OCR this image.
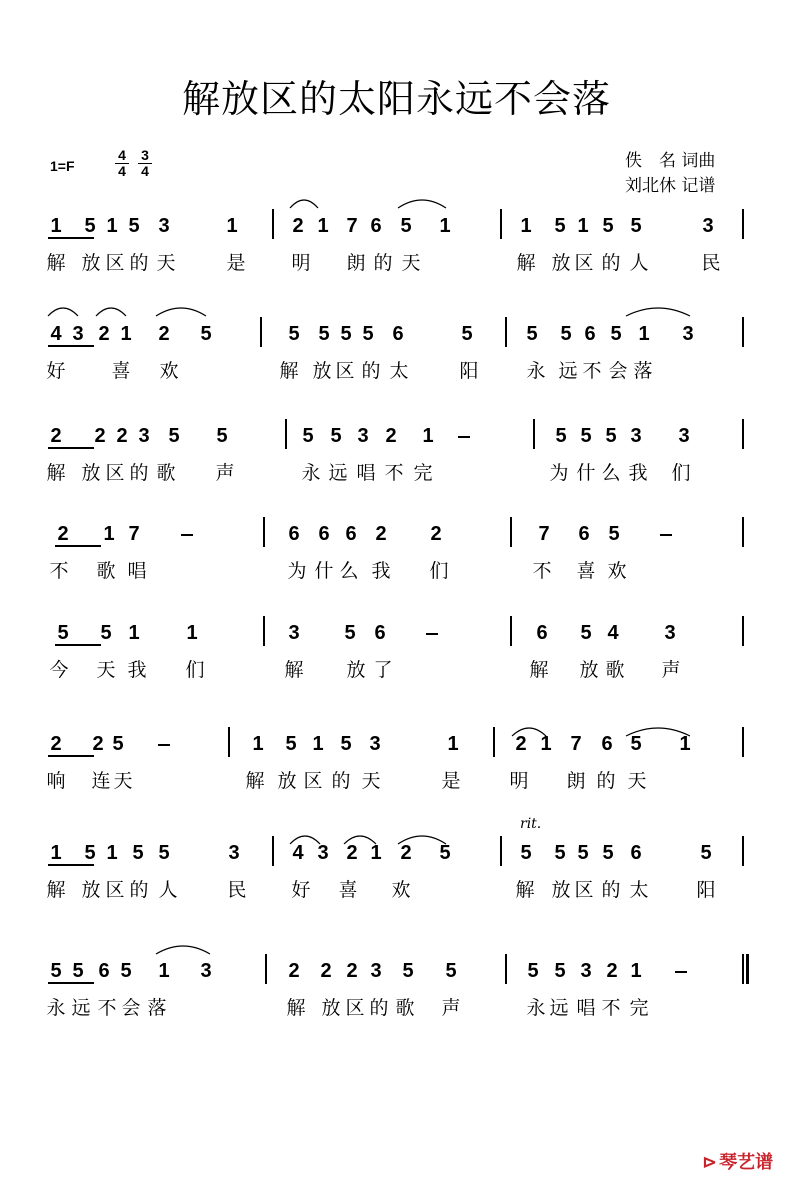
解放区的太阳永远不会落
1=F	$\frac{4}{4} \frac{3}{4}$	佚　名 词曲
刘北休 记谱
1 5 1 5 3	1	2 1 7 6 5 1	1 5 1 5 5	3
解 放 区 的 天	是 明 朗 的 天	解 放 区 的 人	民
4 3 2 1 2 5	5 5 5 5 6	5	5 5 6 5 1 3
好 喜 欢	解 放 区 的 太	阳	永 远 不 会 落
2 2 2 3 5 5	5 5 3 2 1	5 5 5 3 3
解 放 区 的 歌 声	永 远 唱 不 完	为 什 么 我 们
2 1 7	6 6 6 2 2	7 6 5
不 歌 唱	为 什 么 我 们	不 喜 欢
5 5 1 1	3 5 6	6 5 4 3
今 天 我 们	解 放 了	解 放 歌 声
2 2 5	1 5 1 5 3	1	2 1 7 6 5 1
响 连 天	解 放 区 的 天	是	明 朗 的 天
1 5 1 5 5	3	4 3 2 1 2 5	5 5 5 5 6	5
解 放 区 的 人	民 好 喜 欢	解 放 区 的 太	阳
5 5 6 5 1 3	2 2 2 3 5 5	5 5 3 2 1
永 远 不 会 落	解 放 区 的 歌 声	永 远 唱 不 完
rit.
⊳ 琴艺谱
